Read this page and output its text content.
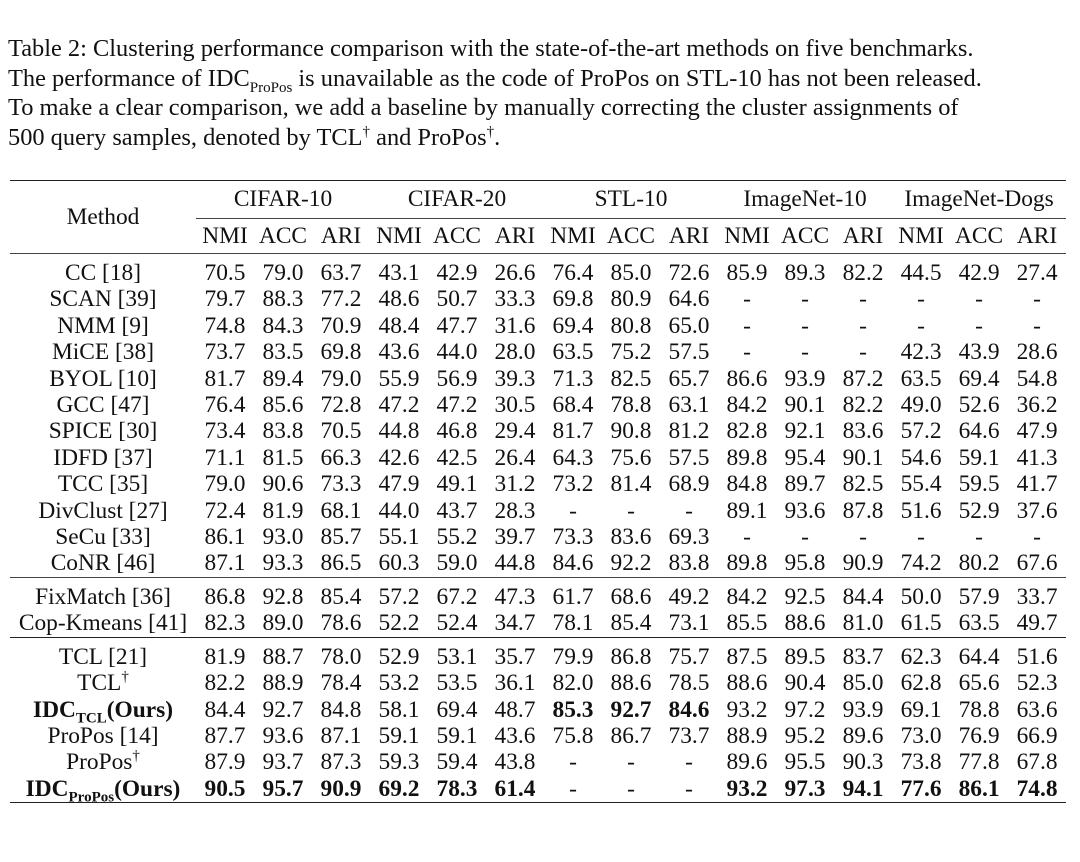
Table 2: Clustering performance comparison with the state-of-the-art methods on five benchmarks.
The performance of $IDC_{ProPos}$ is unavailable as the code of ProPos on STL-10 has not been released.
To make a clear comparison, we add a baseline by manually correcting the cluster assignments of
500 query samples, denoted by TCL† and ProPos†.

Method	CIFAR-10			CIFAR-20			STL-10			ImageNet-10			ImageNet-Dogs		
	NMI	ACC	ARI	NMI	ACC	ARI	NMI	ACC	ARI	NMI	ACC	ARI	NMI	ACC	ARI
CC [18]	70.5	79.0	63.7	43.1	42.9	26.6	76.4	85.0	72.6	85.9	89.3	82.2	44.5	42.9	27.4
SCAN [39]	79.7	88.3	77.2	48.6	50.7	33.3	69.8	80.9	64.6	-	-	-	-	-	-
NMM [9]	74.8	84.3	70.9	48.4	47.7	31.6	69.4	80.8	65.0	-	-	-	-	-	-
MiCE [38]	73.7	83.5	69.8	43.6	44.0	28.0	63.5	75.2	57.5	-	-	-	42.3	43.9	28.6
BYOL [10]	81.7	89.4	79.0	55.9	56.9	39.3	71.3	82.5	65.7	86.6	93.9	87.2	63.5	69.4	54.8
GCC [47]	76.4	85.6	72.8	47.2	47.2	30.5	68.4	78.8	63.1	84.2	90.1	82.2	49.0	52.6	36.2
SPICE [30]	73.4	83.8	70.5	44.8	46.8	29.4	81.7	90.8	81.2	82.8	92.1	83.6	57.2	64.6	47.9
IDFD [37]	71.1	81.5	66.3	42.6	42.5	26.4	64.3	75.6	57.5	89.8	95.4	90.1	54.6	59.1	41.3
TCC [35]	79.0	90.6	73.3	47.9	49.1	31.2	73.2	81.4	68.9	84.8	89.7	82.5	55.4	59.5	41.7
DivClust [27]	72.4	81.9	68.1	44.0	43.7	28.3	-	-	-	89.1	93.6	87.8	51.6	52.9	37.6
SeCu [33]	86.1	93.0	85.7	55.1	55.2	39.7	73.3	83.6	69.3	-	-	-	-	-	-
CoNR [46]	87.1	93.3	86.5	60.3	59.0	44.8	84.6	92.2	83.8	89.8	95.8	90.9	74.2	80.2	67.6
FixMatch [36]	86.8	92.8	85.4	57.2	67.2	47.3	61.7	68.6	49.2	84.2	92.5	84.4	50.0	57.9	33.7
Cop-Kmeans [41]	82.3	89.0	78.6	52.2	52.4	34.7	78.1	85.4	73.1	85.5	88.6	81.0	61.5	63.5	49.7
TCL [21]	81.9	88.7	78.0	52.9	53.1	35.7	79.9	86.8	75.7	87.5	89.5	83.7	62.3	64.4	51.6
TCL†	82.2	88.9	78.4	53.2	53.5	36.1	82.0	88.6	78.5	88.6	90.4	85.0	62.8	65.6	52.3
$IDC_{TCL}(Ours)$	84.4	92.7	84.8	58.1	69.4	48.7	85.3	92.7	84.6	93.2	97.2	93.9	69.1	78.8	63.6
ProPos [14]	87.7	93.6	87.1	59.1	59.1	43.6	75.8	86.7	73.7	88.9	95.2	89.6	73.0	76.9	66.9
ProPos†	87.9	93.7	87.3	59.3	59.4	43.8	-	-	-	89.6	95.5	90.3	73.8	77.8	67.8
$IDC_{ProPos}(Ours)$	90.5	95.7	90.9	69.2	78.3	61.4	-	-	-	93.2	97.3	94.1	77.6	86.1	74.8
